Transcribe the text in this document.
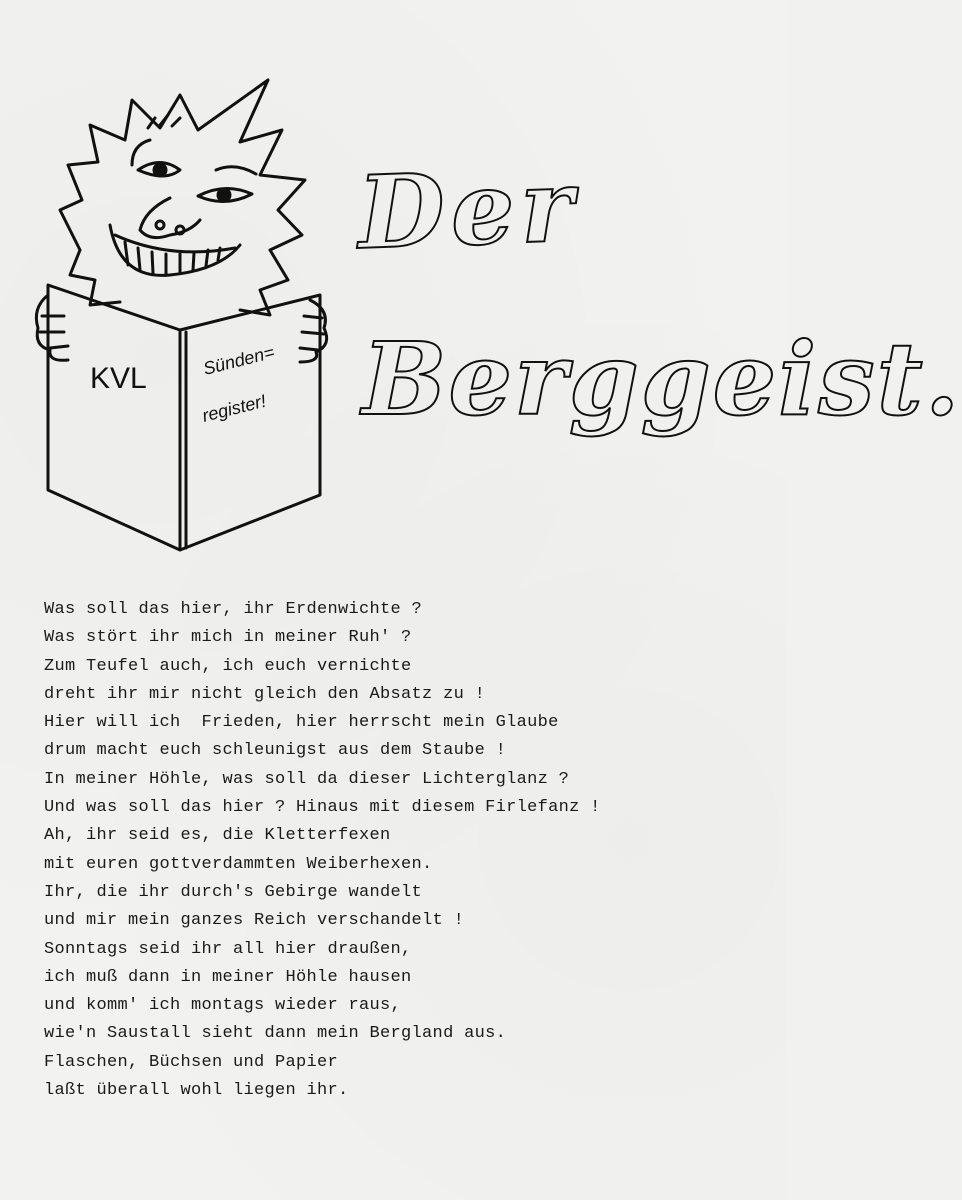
KVL	Sünden=
register!
Der
Berggeist.
Was soll das hier, ihr Erdenwichte ?
Was stört ihr mich in meiner Ruh' ?
Zum Teufel auch, ich euch vernichte
dreht ihr mir nicht gleich den Absatz zu !
Hier will ich  Frieden, hier herrscht mein Glaube
drum macht euch schleunigst aus dem Staube !
In meiner Höhle, was soll da dieser Lichterglanz ?
Und was soll das hier ? Hinaus mit diesem Firlefanz !
Ah, ihr seid es, die Kletterfexen
mit euren gottverdammten Weiberhexen.
Ihr, die ihr durch's Gebirge wandelt
und mir mein ganzes Reich verschandelt !
Sonntags seid ihr all hier draußen,
ich muß dann in meiner Höhle hausen
und komm' ich montags wieder raus,
wie'n Saustall sieht dann mein Bergland aus.
Flaschen, Büchsen und Papier
laßt überall wohl liegen ihr.
